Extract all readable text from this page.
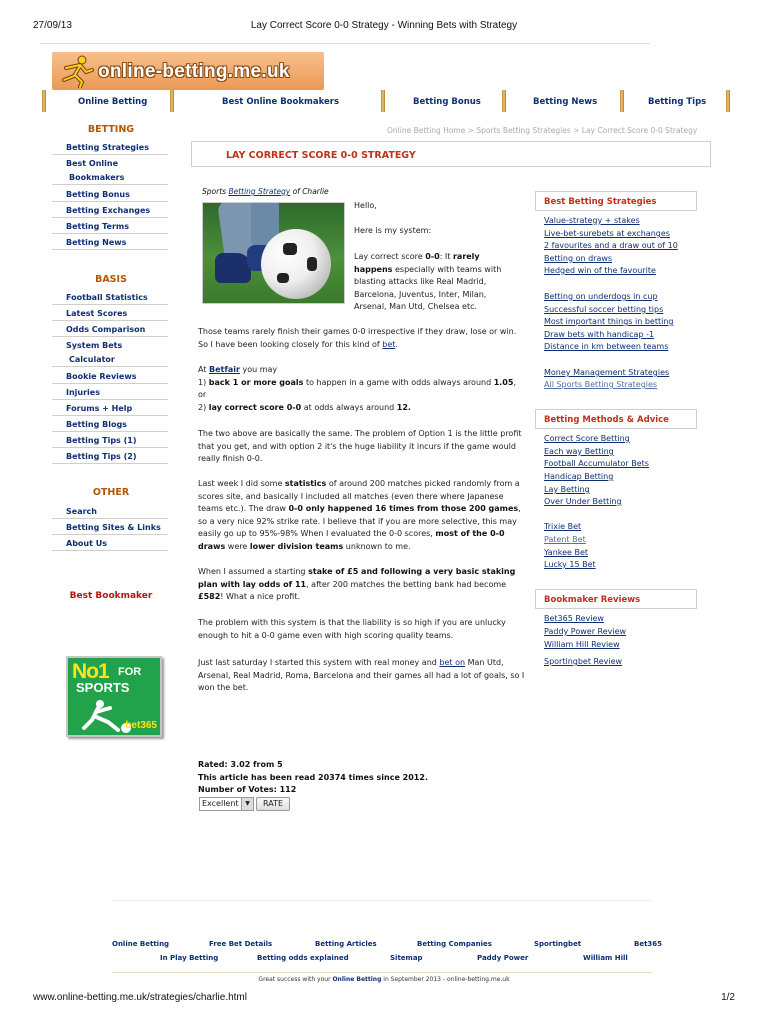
27/09/13	Lay Correct Score 0-0 Strategy - Winning Bets with Strategy
online-betting.me.uk
Online Betting	Best Online Bookmakers	Betting Bonus	Betting News	Betting Tips
BETTING
Betting Strategies
Best Online
Bookmakers
Betting Bonus
Betting Exchanges
Betting Terms
Betting News
BASIS
Football Statistics
Latest Scores
Odds Comparison
System Bets
Calculator
Bookie Reviews
Injuries
Forums + Help
Betting Blogs
Betting Tips (1)
Betting Tips (2)
OTHER
Search
Betting Sites & Links
About Us
Best Bookmaker
No1 FOR
SPORTS
bet365
Online Betting Home > Sports Betting Strategies > Lay Correct Score 0-0 Strategy
LAY CORRECT SCORE 0-0 STRATEGY
Sports Betting Strategy of Charlie
Hello,
Here is my system:
Lay correct score 0-0: It rarely happens especially with teams with blasting attacks like Real Madrid, Barcelona, Juventus, Inter, Milan, Arsenal, Man Utd, Chelsea etc.
Those teams rarely finish their games 0-0 irrespective if they draw, lose or win. So I have been looking closely for this kind of bet.
At Betfair you may
1) back 1 or more goals to happen in a game with odds always around 1.05, or
2) lay correct score 0-0 at odds always around 12.
The two above are basically the same. The problem of Option 1 is the little profit that you get, and with option 2 it's the huge liability it incurs if the game would really finish 0-0.
Last week I did some statistics of around 200 matches picked randomly from a scores site, and basically I included all matches (even there where Japanese teams etc.). The draw 0-0 only happened 16 times from those 200 games, so a very nice 92% strike rate. I believe that if you are more selective, this may easily go up to 95%-98% When I evaluated the 0-0 scores, most of the 0-0 draws were lower division teams unknown to me.
When I assumed a starting stake of £5 and following a very basic staking plan with lay odds of 11, after 200 matches the betting bank had become £582! What a nice profit.
The problem with this system is that the liability is so high if you are unlucky enough to hit a 0-0 game even with high scoring quality teams.
Just last saturday I started this system with real money and bet on Man Utd, Arsenal, Real Madrid, Roma, Barcelona and their games all had a lot of goals, so I won the bet.
Rated: 3.02 from 5
This article has been read 20374 times since 2012.
Number of Votes: 112
Excellent	▼	RATE
Best Betting Strategies
Value-strategy + stakes
Live-bet-surebets at exchanges
2 favourites and a draw out of 10
Betting on draws
Hedged win of the favourite
Betting on underdogs in cup
Successful soccer betting tips
Most important things in betting
Draw bets with handicap -1
Distance in km between teams
Money Management Strategies
All Sports Betting Strategies
Betting Methods & Advice
Correct Score Betting
Each way Betting
Football Accumulator Bets
Handicap Betting
Lay Betting
Over Under Betting
Trixie Bet
Patent Bet
Yankee Bet
Lucky 15 Bet
Bookmaker Reviews
Bet365 Review
Paddy Power Review
William Hill Review
Sportingbet Review
Online Betting	Free Bet Details	Betting Articles	Betting Companies	Sportingbet	Bet365
In Play Betting	Betting odds explained	Sitemap	Paddy Power	William Hill
Great success with your Online Betting in September 2013 - online-betting.me.uk
www.online-betting.me.uk/strategies/charlie.html	1/2
